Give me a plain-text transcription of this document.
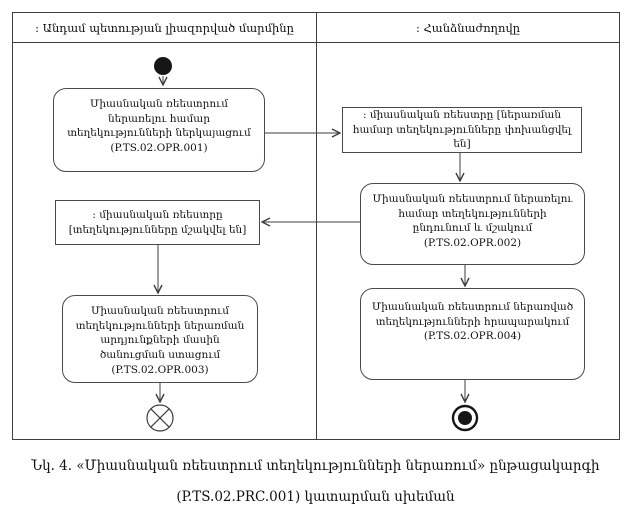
: Անդամ պետության լիազորված մարմինը	: Հանձնաժողովը
Միասնական ռեեստրում ներառելու համար տեղեկությունների ներկայացում (P.TS.02.OPR.001)
: միասնական ռեեստրը [ներառման համար տեղեկությունները փոխանցվել են]
Միասնական ռեեստրում ներառելու համար տեղեկությունների ընդունում և մշակում (P.TS.02.OPR.002)
: միասնական ռեեստրը [տեղեկությունները մշակվել են]
Միասնական ռեեստրում տեղեկությունների ներառման արդյունքների մասին ծանուցման ստացում (P.TS.02.OPR.003)
Միասնական ռեեստրում ներառված տեղեկությունների հրապարակում (P.TS.02.OPR.004)

Նկ. 4. «Միասնական ռեեստրում տեղեկությունների ներառում» ընթացակարգի

(P.TS.02.PRC.001) կատարման սխեման
